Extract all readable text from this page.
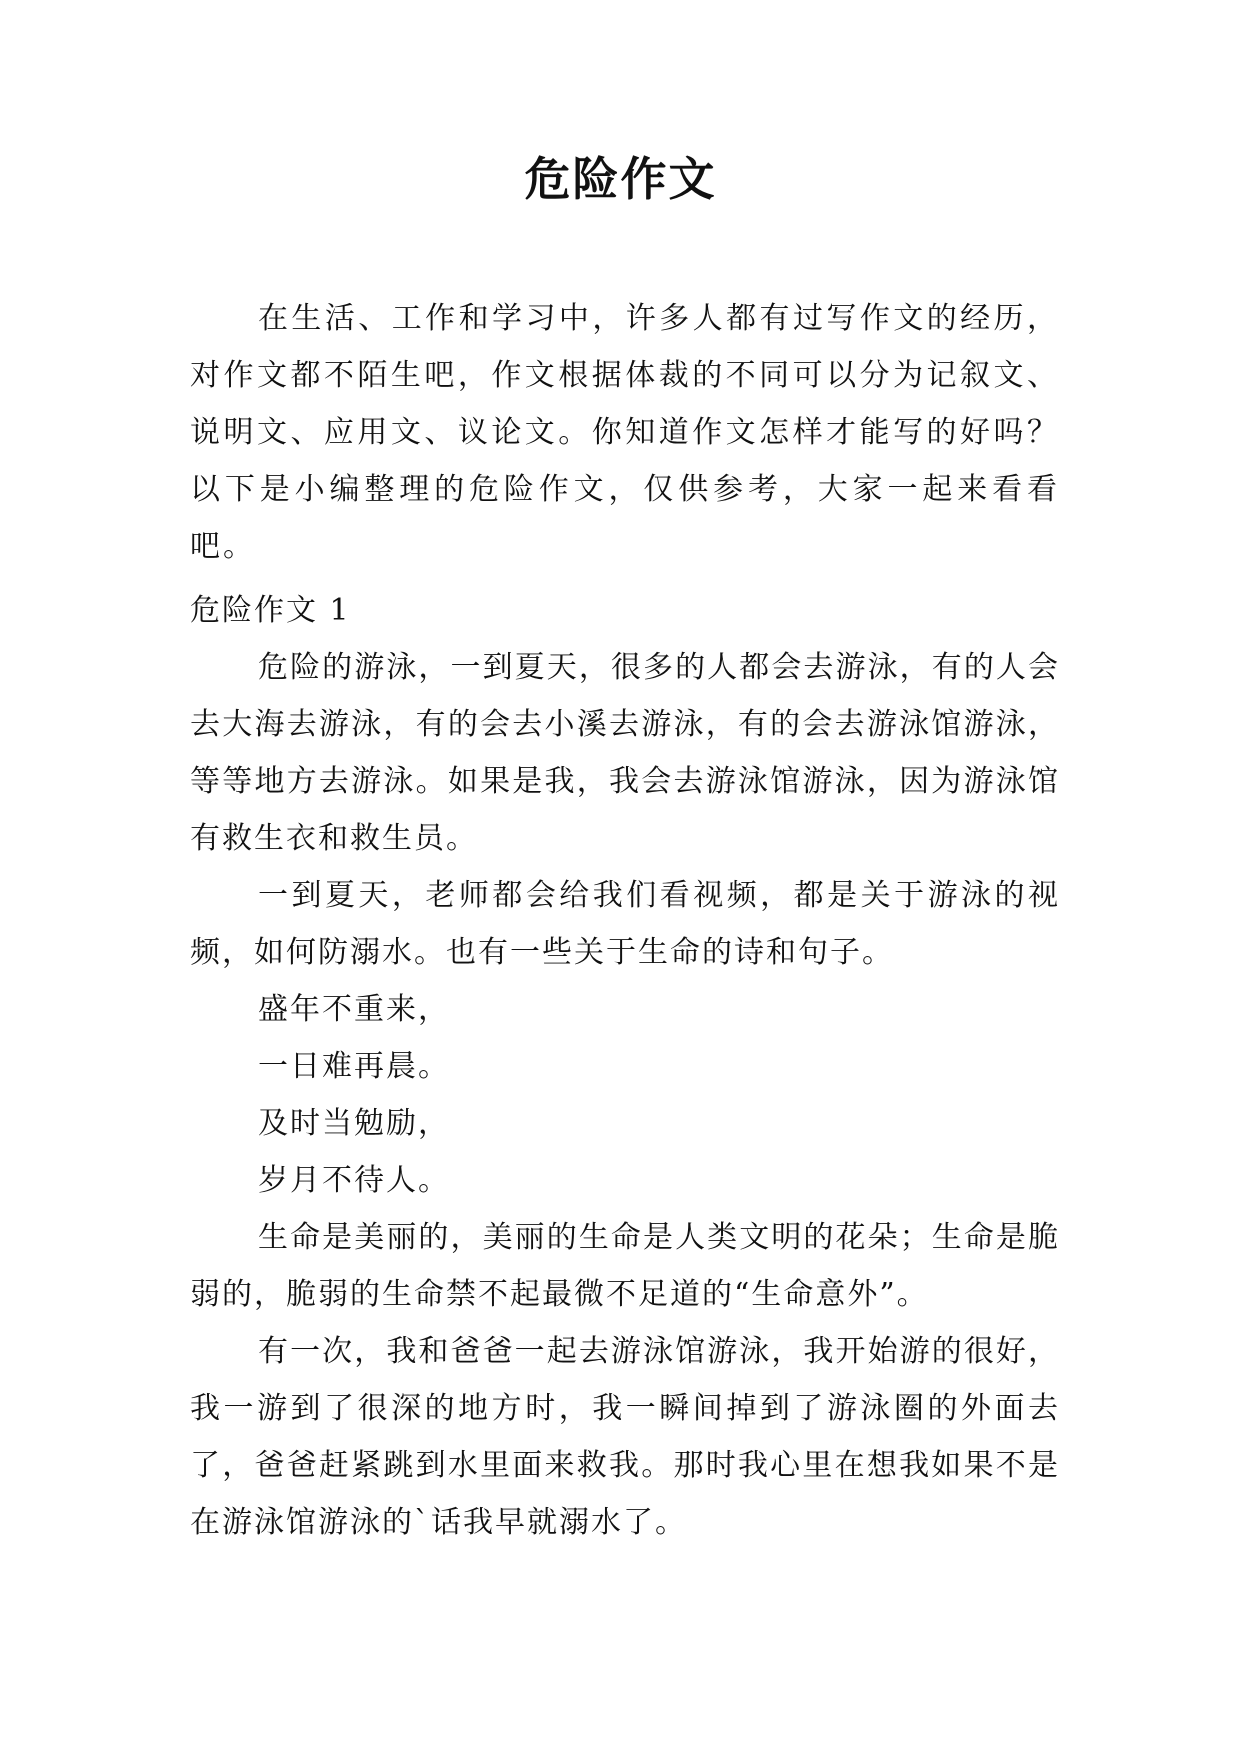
危险作文

在生活、工作和学习中，许多人都有过写作文的经历，对作文都不陌生吧，作文根据体裁的不同可以分为记叙文、说明文、应用文、议论文。你知道作文怎样才能写的好吗？以下是小编整理的危险作文，仅供参考，大家一起来看看吧。

危险作文 1

危险的游泳，一到夏天，很多的人都会去游泳，有的人会去大海去游泳，有的会去小溪去游泳，有的会去游泳馆游泳，等等地方去游泳。如果是我，我会去游泳馆游泳，因为游泳馆有救生衣和救生员。

一到夏天，老师都会给我们看视频，都是关于游泳的视频，如何防溺水。也有一些关于生命的诗和句子。

盛年不重来，

一日难再晨。

及时当勉励，

岁月不待人。

生命是美丽的，美丽的生命是人类文明的花朵；生命是脆弱的，脆弱的生命禁不起最微不足道的“生命意外”。

有一次，我和爸爸一起去游泳馆游泳，我开始游的很好，我一游到了很深的地方时，我一瞬间掉到了游泳圈的外面去了，爸爸赶紧跳到水里面来救我。那时我心里在想我如果不是在游泳馆游泳的`话我早就溺水了。
